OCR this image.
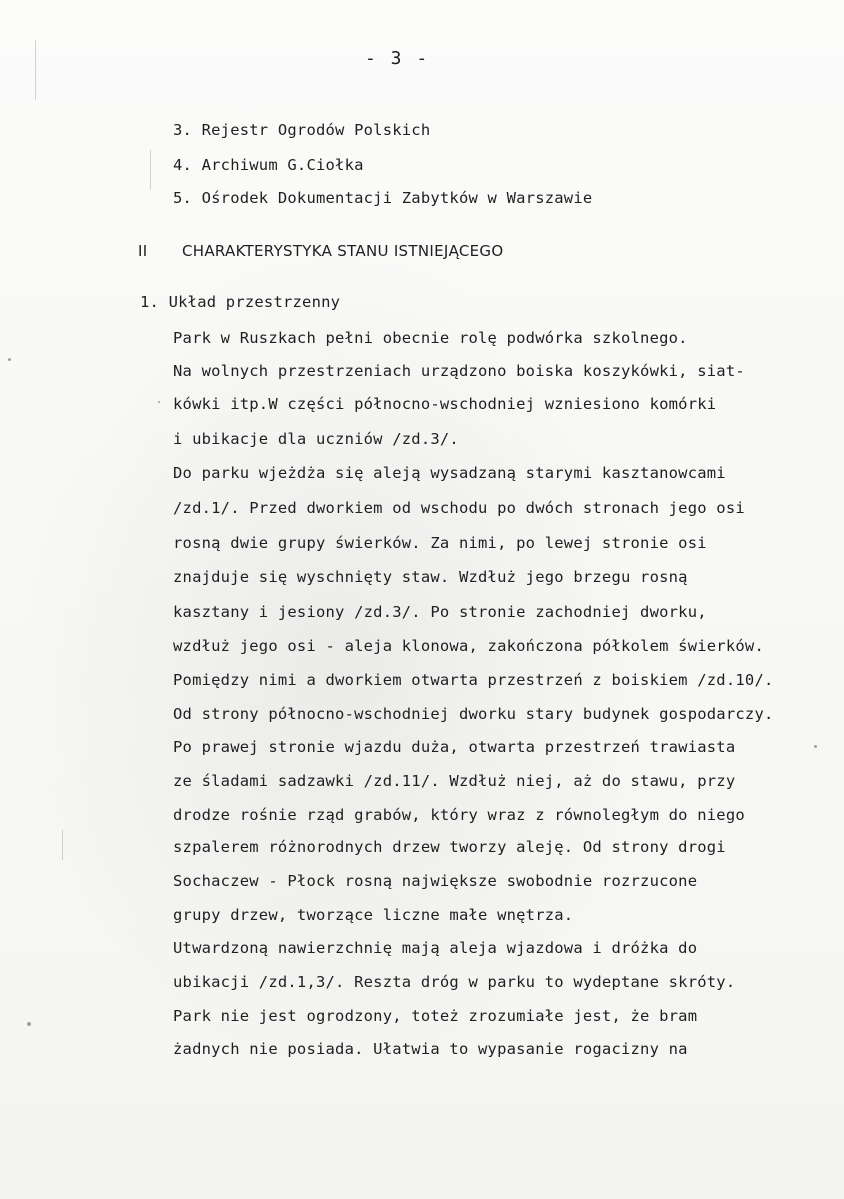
- 3 -
3. Rejestr Ogrodów Polskich
4. Archiwum G.Ciołka
5. Ośrodek Dokumentacji Zabytków w Warszawie
II CHARAKTERYSTYKA STANU ISTNIEJĄCEGO
1. Układ przestrzenny
Park w Ruszkach pełni obecnie rolę podwórka szkolnego.
Na wolnych przestrzeniach urządzono boiska koszykówki, siat-
kówki itp.W części północno-wschodniej wzniesiono komórki
i ubikacje dla uczniów /zd.3/.
Do parku wjeżdża się aleją wysadzaną starymi kasztanowcami
/zd.1/. Przed dworkiem od wschodu po dwóch stronach jego osi
rosną dwie grupy świerków. Za nimi, po lewej stronie osi
znajduje się wyschnięty staw. Wzdłuż jego brzegu rosną
kasztany i jesiony /zd.3/. Po stronie zachodniej dworku,
wzdłuż jego osi - aleja klonowa, zakończona półkolem świerków.
Pomiędzy nimi a dworkiem otwarta przestrzeń z boiskiem /zd.10/.
Od strony północno-wschodniej dworku stary budynek gospodarczy.
Po prawej stronie wjazdu duża, otwarta przestrzeń trawiasta
ze śladami sadzawki /zd.11/. Wzdłuż niej, aż do stawu, przy
drodze rośnie rząd grabów, który wraz z równoległym do niego
szpalerem różnorodnych drzew tworzy aleję. Od strony drogi
Sochaczew - Płock rosną największe swobodnie rozrzucone
grupy drzew, tworzące liczne małe wnętrza.
Utwardzoną nawierzchnię mają aleja wjazdowa i dróżka do
ubikacji /zd.1,3/. Reszta dróg w parku to wydeptane skróty.
Park nie jest ogrodzony, toteż zrozumiałe jest, że bram
żadnych nie posiada. Ułatwia to wypasanie rogacizny na
